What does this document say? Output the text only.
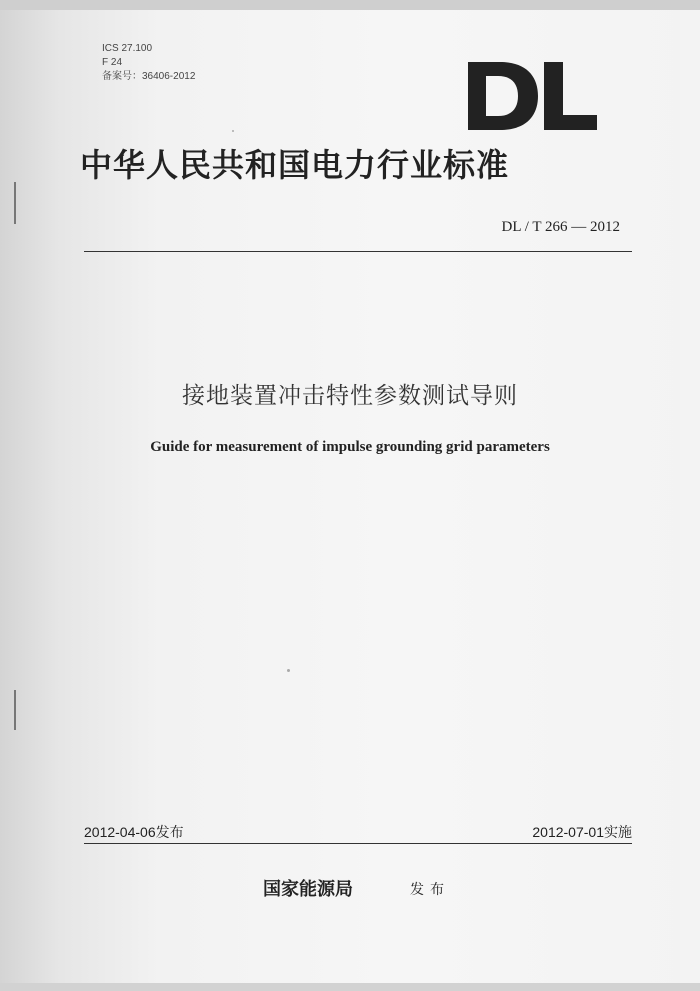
ICS 27.100
F 24
备案号：36406-2012
中华人民共和国电力行业标准
DL / T 266 — 2012
接地装置冲击特性参数测试导则
Guide for measurement of impulse grounding grid parameters
2012-04-06发布	2012-07-01实施
国家能源局	发布
